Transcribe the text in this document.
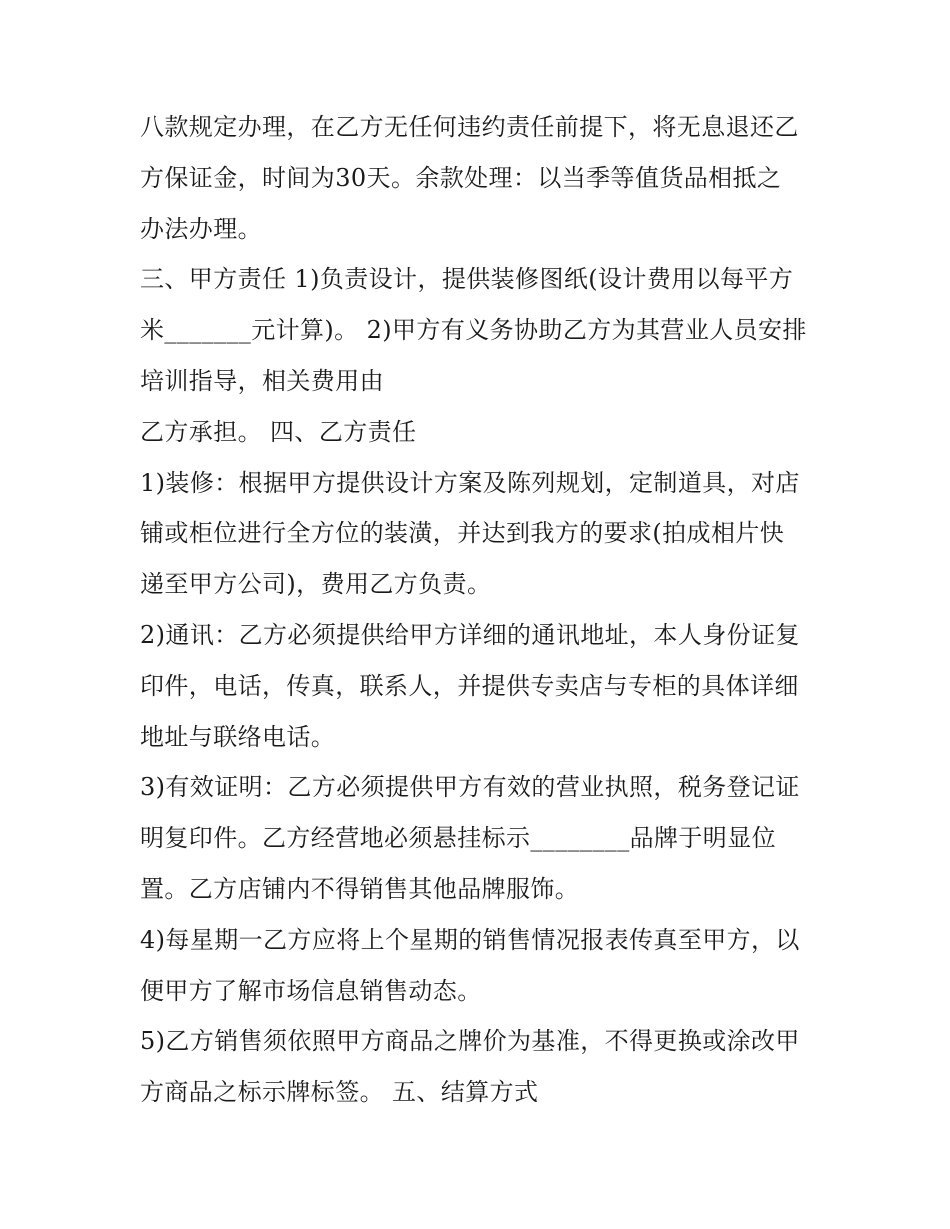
八款规定办理，在乙方无任何违约责任前提下，将无息退还乙
方保证金，时间为30天。余款处理：以当季等值货品相抵之
办法办理。
三、甲方责任 1)负责设计，提供装修图纸(设计费用以每平方
米_______元计算)。 2)甲方有义务协助乙方为其营业人员安排
培训指导，相关费用由
乙方承担。 四、乙方责任
1)装修：根据甲方提供设计方案及陈列规划，定制道具，对店
铺或柜位进行全方位的装潢，并达到我方的要求(拍成相片快
递至甲方公司)，费用乙方负责。
2)通讯：乙方必须提供给甲方详细的通讯地址，本人身份证复
印件，电话，传真，联系人，并提供专卖店与专柜的具体详细
地址与联络电话。
3)有效证明：乙方必须提供甲方有效的营业执照，税务登记证
明复印件。乙方经营地必须悬挂标示________品牌于明显位
置。乙方店铺内不得销售其他品牌服饰。
4)每星期一乙方应将上个星期的销售情况报表传真至甲方，以
便甲方了解市场信息销售动态。
5)乙方销售须依照甲方商品之牌价为基准，不得更换或涂改甲
方商品之标示牌标签。 五、结算方式
